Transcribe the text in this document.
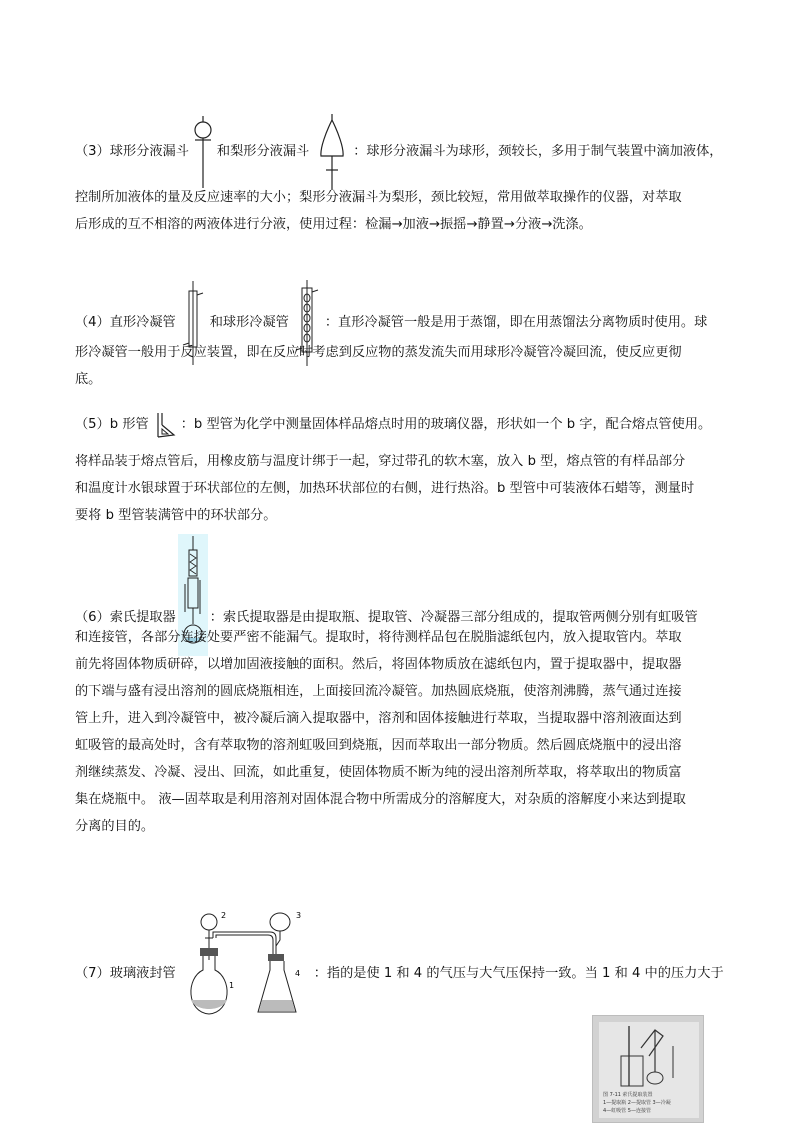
（3）球形分液漏斗 和梨形分液漏斗	：球形分液漏斗为球形，颈较长，多用于制气装置中滴加液体，
控制所加液体的量及反应速率的大小；梨形分液漏斗为梨形，颈比较短，常用做萃取操作的仪器，对萃取
后形成的互不相溶的两液体进行分液，使用过程：检漏→加液→振摇→静置→分液→洗涤。
（4）直形冷凝管	和球形冷凝管	：直形冷凝管一般是用于蒸馏，即在用蒸馏法分离物质时使用。球
形冷凝管一般用于反应装置，即在反应时考虑到反应物的蒸发流失而用球形冷凝管冷凝回流，使反应更彻
底。
（5）b 形管 ：b 型管为化学中测量固体样品熔点时用的玻璃仪器，形状如一个 b 字，配合熔点管使用。
将样品装于熔点管后，用橡皮筋与温度计绑于一起，穿过带孔的软木塞，放入 b 型，熔点管的有样品部分
和温度计水银球置于环状部位的左侧，加热环状部位的右侧，进行热浴。b 型管中可装液体石蜡等，测量时
要将 b 型管装满管中的环状部分。
（6）索氏提取器	：索氏提取器是由提取瓶、提取管、冷凝器三部分组成的，提取管两侧分别有虹吸管
和连接管，各部分连接处要严密不能漏气。提取时，将待测样品包在脱脂滤纸包内，放入提取管内。萃取
前先将固体物质研碎，以增加固液接触的面积。然后，将固体物质放在滤纸包内，置于提取器中，提取器
的下端与盛有浸出溶剂的圆底烧瓶相连，上面接回流冷凝管。加热圆底烧瓶，使溶剂沸腾，蒸气通过连接
管上升，进入到冷凝管中，被冷凝后滴入提取器中，溶剂和固体接触进行萃取，当提取器中溶剂液面达到
虹吸管的最高处时，含有萃取物的溶剂虹吸回到烧瓶，因而萃取出一部分物质。然后圆底烧瓶中的浸出溶
剂继续蒸发、冷凝、浸出、回流，如此重复，使固体物质不断为纯的浸出溶剂所萃取，将萃取出的物质富
集在烧瓶中。 液—固萃取是利用溶剂对固体混合物中所需成分的溶解度大，对杂质的溶解度小来达到提取
分离的目的。
（7）玻璃液封管
2
1
3
4 ：指的是使 1 和 4 的气压与大气压保持一致。当 1 和 4 中的压力大于
图 7-11 索氏提取装置
1—提取瓶 2—提取管 3—冷凝
4—虹吸管 5—连接管
